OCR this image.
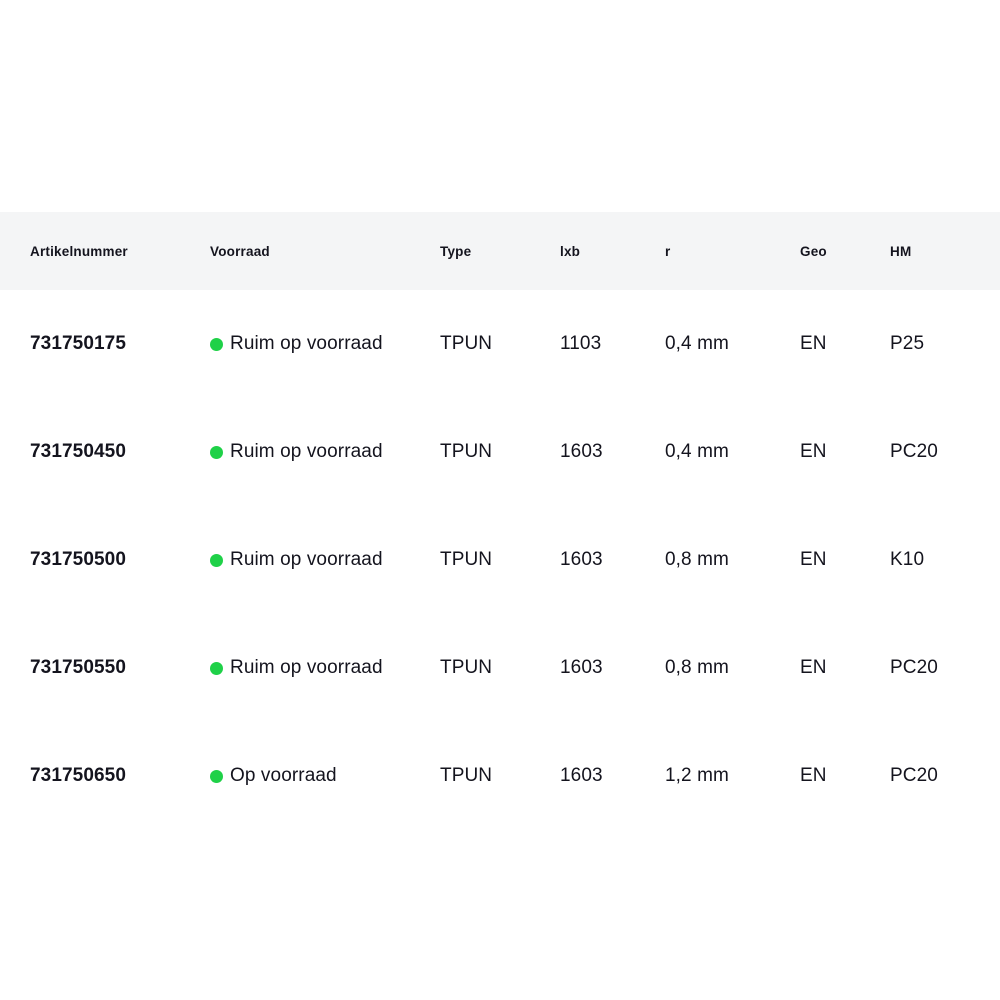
Artikelnummer	Voorraad	Type	lxb	r	Geo	HM
731750175	Ruim op voorraad	TPUN	1103	0,4 mm	EN	P25
731750450	Ruim op voorraad	TPUN	1603	0,4 mm	EN	PC20
731750500	Ruim op voorraad	TPUN	1603	0,8 mm	EN	K10
731750550	Ruim op voorraad	TPUN	1603	0,8 mm	EN	PC20
731750650	Op voorraad	TPUN	1603	1,2 mm	EN	PC20
